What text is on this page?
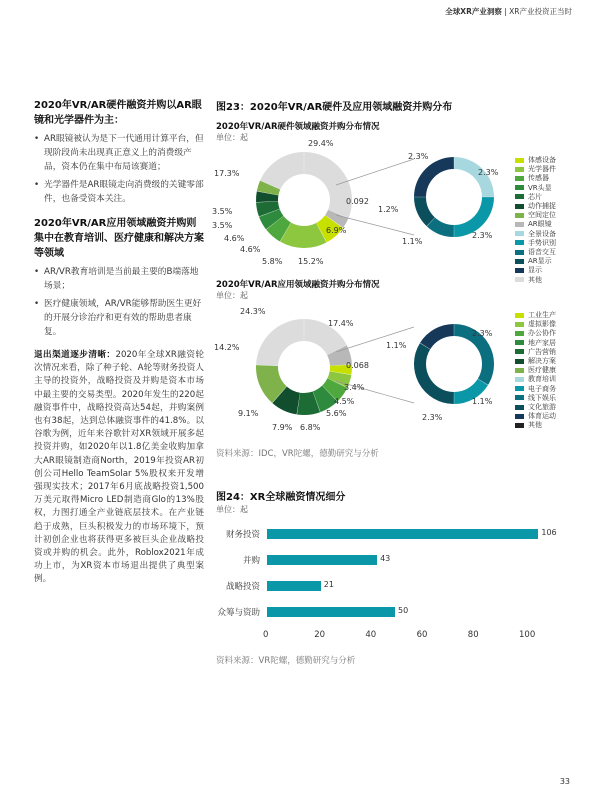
全球XR产业洞察 | XR产业投资正当时
2020年VR/AR硬件融资并购以AR眼镜和光学器件为主：
• AR眼镜被认为是下一代通用计算平台，但现阶段尚未出现真正意义上的消费级产品，资本仍在集中布局该赛道；
• 光学器件是AR眼镜走向消费级的关键零部件，也备受资本关注。
2020年VR/AR应用领域融资并购则集中在教育培训、医疗健康和解决方案等领域
• AR/VR教育培训是当前最主要的B端落地场景；
• 医疗健康领域，AR/VR能够帮助医生更好的开展分诊治疗和更有效的帮助患者康复。

退出渠道逐步清晰：2020年全球XR融资轮次情况来看，除了种子轮、A轮等财务投资人主导的投资外，战略投资及并购是资本市场中最主要的交易类型。2020年发生的220起融资事件中，战略投资高达54起，并购案例也有38起，达到总体融资事件的41.8%。以谷歌为例，近年来谷歌针对XR领域开展多起投资并购，如2020年以1.8亿美金收购加拿大AR眼镜制造商North，2019年投资AR初创公司Hello TeamSolar 5%股权来开发增强现实技术；2017年6月底战略投资1,500万美元取得Micro LED制造商Glo的13%股权，力图打通全产业链底层技术。在产业链趋于成熟，巨头积极发力的市场环境下，预计初创企业也将获得更多被巨头企业战略投资或并购的机会。此外，Roblox2021年成功上市，为XR资本市场退出提供了典型案例。

图23：2020年VR/AR硬件及应用领域融资并购分布
2020年VR/AR硬件领域融资并购分布情况
单位：起
体感设备
光学器件
传感器
VR头显
芯片
动作捕捉
空间定位
AR眼镜
全景设备
手势识别
语音交互
AR显示
显示
其他
2020年VR/AR应用领域融资并购分布情况
单位：起
工业生产
虚拟影像
办公协作
地产家居
广告营销
解决方案
医疗健康
教育培训
电子商务
线下娱乐
文化旅游
体育运动
其他
资料来源：IDC，VR陀螺，德勤研究与分析
图24：XR全球融资情况细分
单位：起
财务投资	106
并购	43
战略投资	21
众筹与资助	50
0	20	40	60	80	100
资料来源：VR陀螺，德勤研究与分析
33
29.4%
17.3%
3.5%
3.5%
4.6%
4.6%
5.8% 15.2%
6.9%
0.092
2.3%
2.3%
2.3%
1.1%
1.2%
24.3%
17.4%
0.068
3.4%
4.5%
5.6%
6.8%
7.9%
9.1%
14.2%
2.3%
1.1%
1.1%
2.3%
